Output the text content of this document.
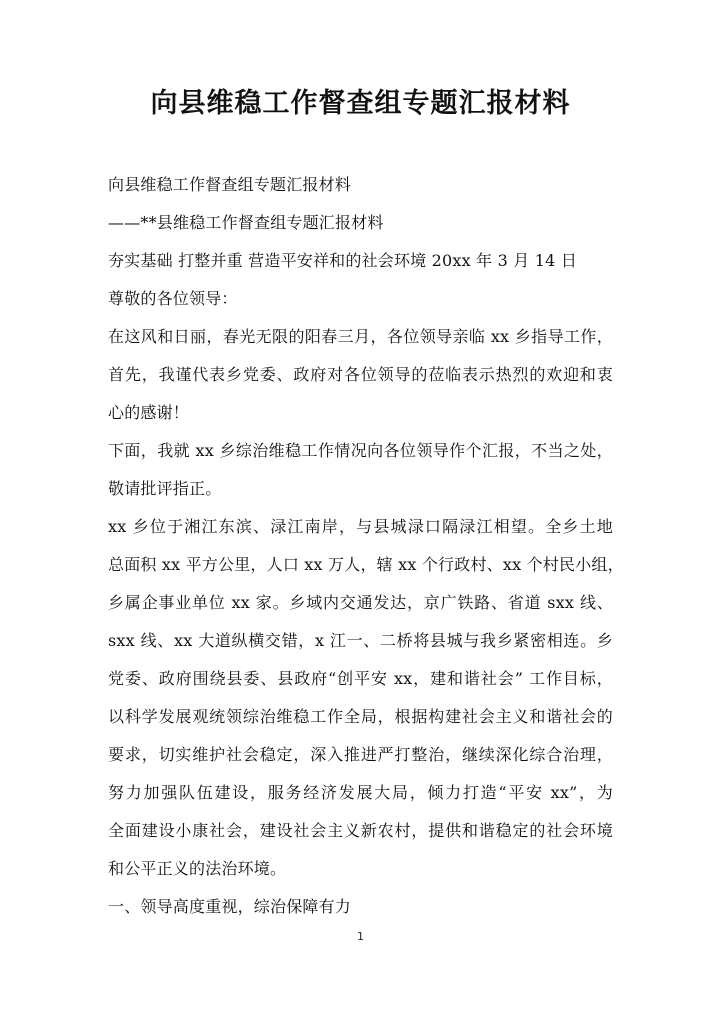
向县维稳工作督查组专题汇报材料
向县维稳工作督查组专题汇报材料
——**县维稳工作督查组专题汇报材料
夯实基础 打整并重 营造平安祥和的社会环境 20xx 年 3 月 14 日
尊敬的各位领导：
在这风和日丽，春光无限的阳春三月，各位领导亲临 xx 乡指导工作，
首先，我谨代表乡党委、政府对各位领导的莅临表示热烈的欢迎和衷
心的感谢！
下面，我就 xx 乡综治维稳工作情况向各位领导作个汇报，不当之处，
敬请批评指正。
xx 乡位于湘江东滨、渌江南岸，与县城渌口隔渌江相望。全乡土地
总面积 xx 平方公里，人口 xx 万人，辖 xx 个行政村、xx 个村民小组，
乡属企事业单位 xx 家。乡域内交通发达，京广铁路、省道 sxx 线、
sxx 线、xx 大道纵横交错，x 江一、二桥将县城与我乡紧密相连。乡
党委、政府围绕县委、县政府“创平安 xx，建和谐社会” 工作目标，
以科学发展观统领综治维稳工作全局，根据构建社会主义和谐社会的
要求，切实维护社会稳定，深入推进严打整治，继续深化综合治理，
努力加强队伍建设，服务经济发展大局，倾力打造“平安 xx”，为
全面建设小康社会，建设社会主义新农村，提供和谐稳定的社会环境
和公平正义的法治环境。
一、领导高度重视，综治保障有力
1
